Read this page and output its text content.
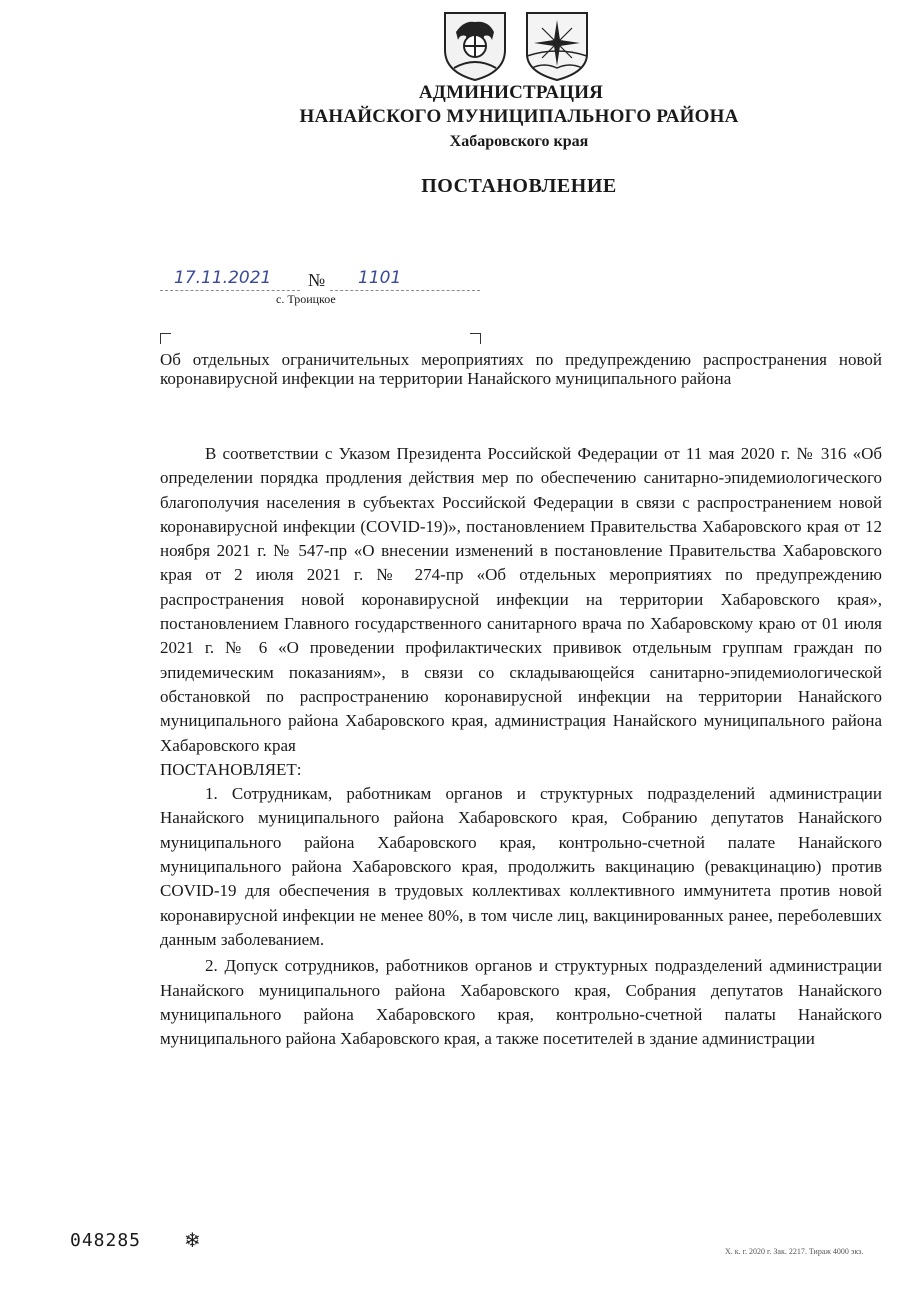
АДМИНИСТРАЦИЯ
НАНАЙСКОГО МУНИЦИПАЛЬНОГО РАЙОНА
Хабаровского края
ПОСТАНОВЛЕНИЕ
17.11.2021 № 1101
с. Троицкое
Об отдельных ограничительных мероприятиях по предупреждению распространения новой коронавирусной инфекции на территории Нанайского муниципального района

В соответствии с Указом Президента Российской Федерации от 11 мая 2020 г. № 316 «Об определении порядка продления действия мер по обеспечению санитарно-эпидемиологического благополучия населения в субъектах Российской Федерации в связи с распространением новой коронавирусной инфекции (COVID-19)», постановлением Правительства Хабаровского края от 12 ноября 2021 г. № 547-пр «О внесении изменений в постановление Правительства Хабаровского края от 2 июля 2021 г. № 274-пр «Об отдельных мероприятиях по предупреждению распространения новой коронавирусной инфекции на территории Хабаровского края», постановлением Главного государственного санитарного врача по Хабаровскому краю от 01 июля 2021 г. № 6 «О проведении профилактических прививок отдельным группам граждан по эпидемическим показаниям», в связи со складывающейся санитарно-эпидемиологической обстановкой по распространению коронавирусной инфекции на территории Нанайского муниципального района Хабаровского края, администрация Нанайского муниципального района Хабаровского края

ПОСТАНОВЛЯЕТ:

1. Сотрудникам, работникам органов и структурных подразделений администрации Нанайского муниципального района Хабаровского края, Собранию депутатов Нанайского муниципального района Хабаровского края, контрольно-счетной палате Нанайского муниципального района Хабаровского края, продолжить вакцинацию (ревакцинацию) против COVID-19 для обеспечения в трудовых коллективах коллективного иммунитета против новой коронавирусной инфекции не менее 80%, в том числе лиц, вакцинированных ранее, переболевших данным заболеванием.

2. Допуск сотрудников, работников органов и структурных подразделений администрации Нанайского муниципального района Хабаровского края, Собрания депутатов Нанайского муниципального района Хабаровского края, контрольно-счетной палаты Нанайского муниципального района Хабаровского края, а также посетителей в здание администрации

048285 ❄	Х. к. г. 2020 г. Зак. 2217. Тираж 4000 экз.
